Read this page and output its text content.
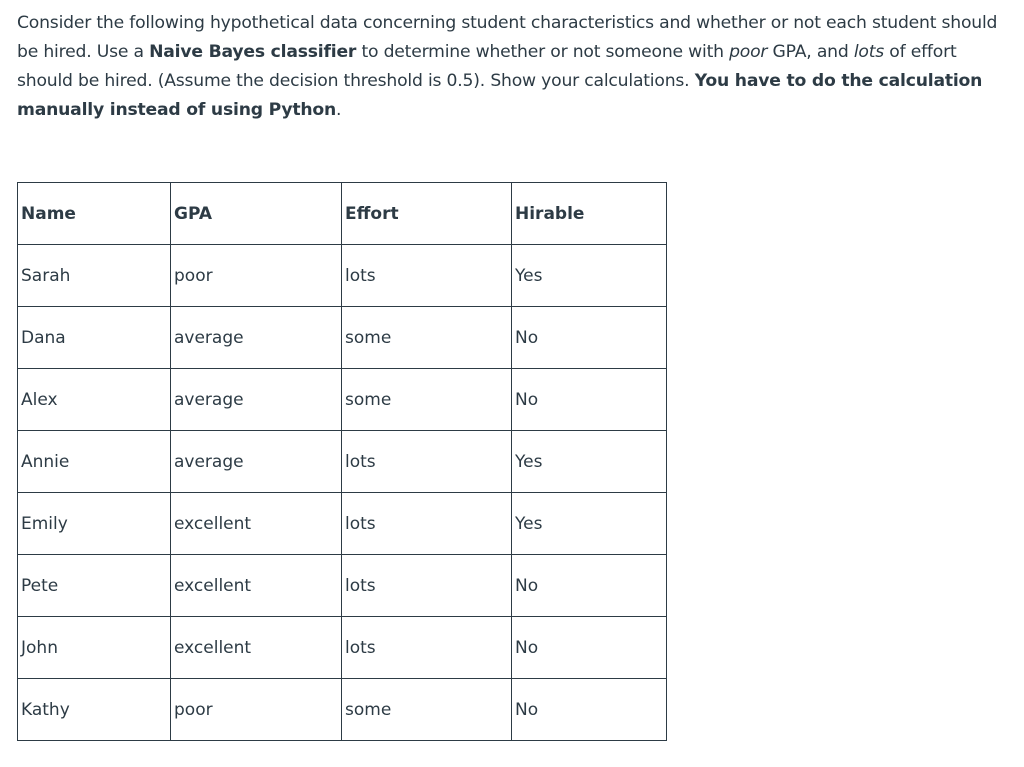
Consider the following hypothetical data concerning student characteristics and whether or not each student should be hired. Use a Naive Bayes classifier to determine whether or not someone with poor GPA, and lots of effort should be hired. (Assume the decision threshold is 0.5). Show your calculations. You have to do the calculation manually instead of using Python.

Name	GPA	Effort	Hirable
Sarah	poor	lots	Yes
Dana	average	some	No
Alex	average	some	No
Annie	average	lots	Yes
Emily	excellent	lots	Yes
Pete	excellent	lots	No
John	excellent	lots	No
Kathy	poor	some	No
